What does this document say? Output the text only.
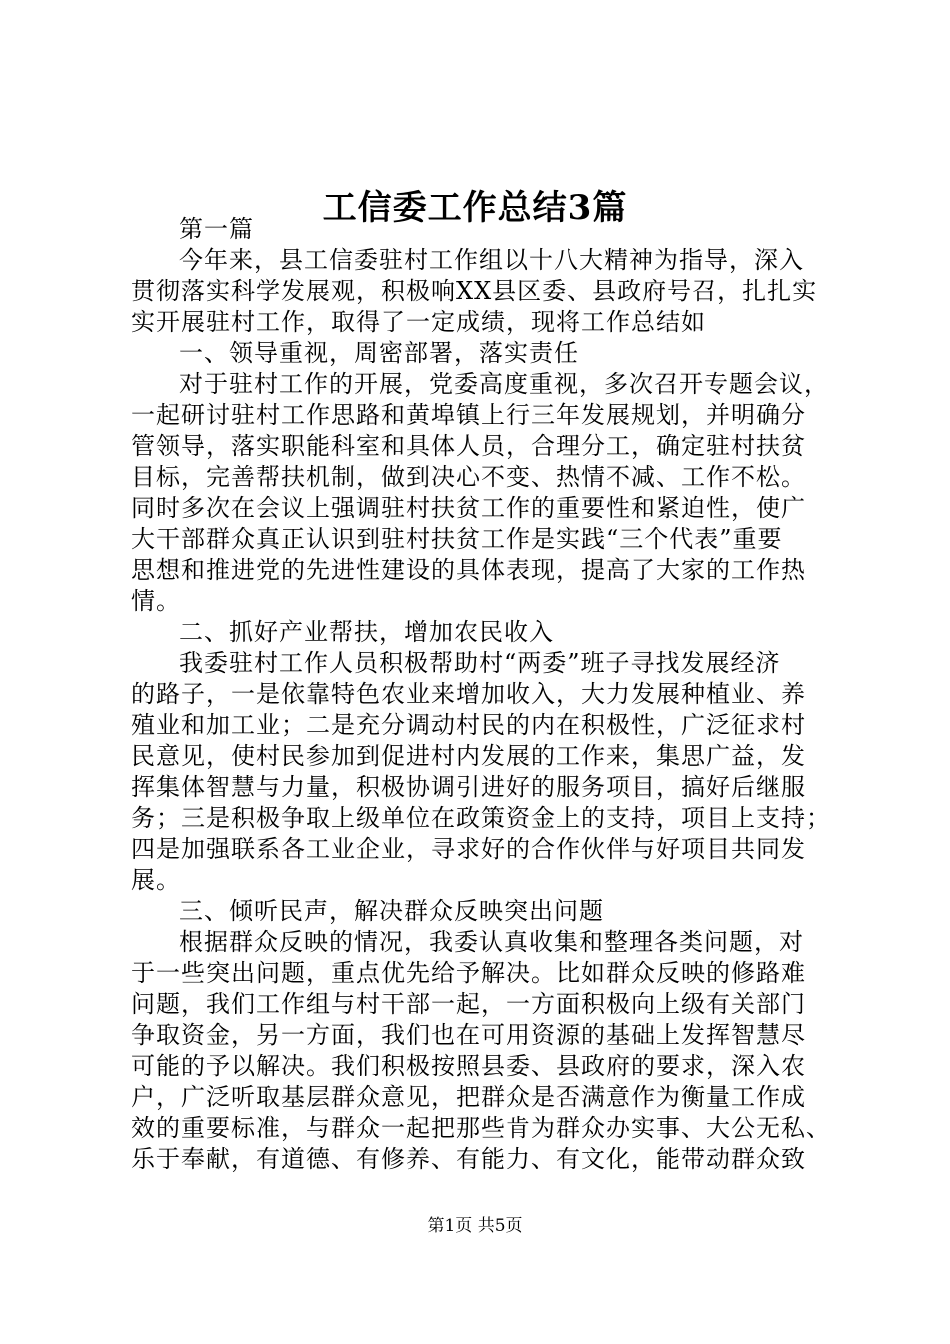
工信委工作总结3篇
第一篇
今年来，县工信委驻村工作组以十八大精神为指导，深入
贯彻落实科学发展观，积极响XX县区委、县政府号召，扎扎实
实开展驻村工作，取得了一定成绩，现将工作总结如
一、领导重视，周密部署，落实责任
对于驻村工作的开展，党委高度重视，多次召开专题会议，
一起研讨驻村工作思路和黄埠镇上行三年发展规划，并明确分
管领导，落实职能科室和具体人员，合理分工，确定驻村扶贫
目标，完善帮扶机制，做到决心不变、热情不减、工作不松。
同时多次在会议上强调驻村扶贫工作的重要性和紧迫性，使广
大干部群众真正认识到驻村扶贫工作是实践“三个代表”重要
思想和推进党的先进性建设的具体表现，提高了大家的工作热
情。
二、抓好产业帮扶，增加农民收入
我委驻村工作人员积极帮助村“两委”班子寻找发展经济
的路子，一是依靠特色农业来增加收入，大力发展种植业、养
殖业和加工业；二是充分调动村民的内在积极性，广泛征求村
民意见，使村民参加到促进村内发展的工作来，集思广益，发
挥集体智慧与力量，积极协调引进好的服务项目，搞好后继服
务；三是积极争取上级单位在政策资金上的支持，项目上支持；
四是加强联系各工业企业，寻求好的合作伙伴与好项目共同发
展。
三、倾听民声，解决群众反映突出问题
根据群众反映的情况，我委认真收集和整理各类问题，对
于一些突出问题，重点优先给予解决。比如群众反映的修路难
问题，我们工作组与村干部一起，一方面积极向上级有关部门
争取资金，另一方面，我们也在可用资源的基础上发挥智慧尽
可能的予以解决。我们积极按照县委、县政府的要求，深入农
户，广泛听取基层群众意见，把群众是否满意作为衡量工作成
效的重要标准，与群众一起把那些肯为群众办实事、大公无私、
乐于奉献，有道德、有修养、有能力、有文化，能带动群众致
第1页 共5页
